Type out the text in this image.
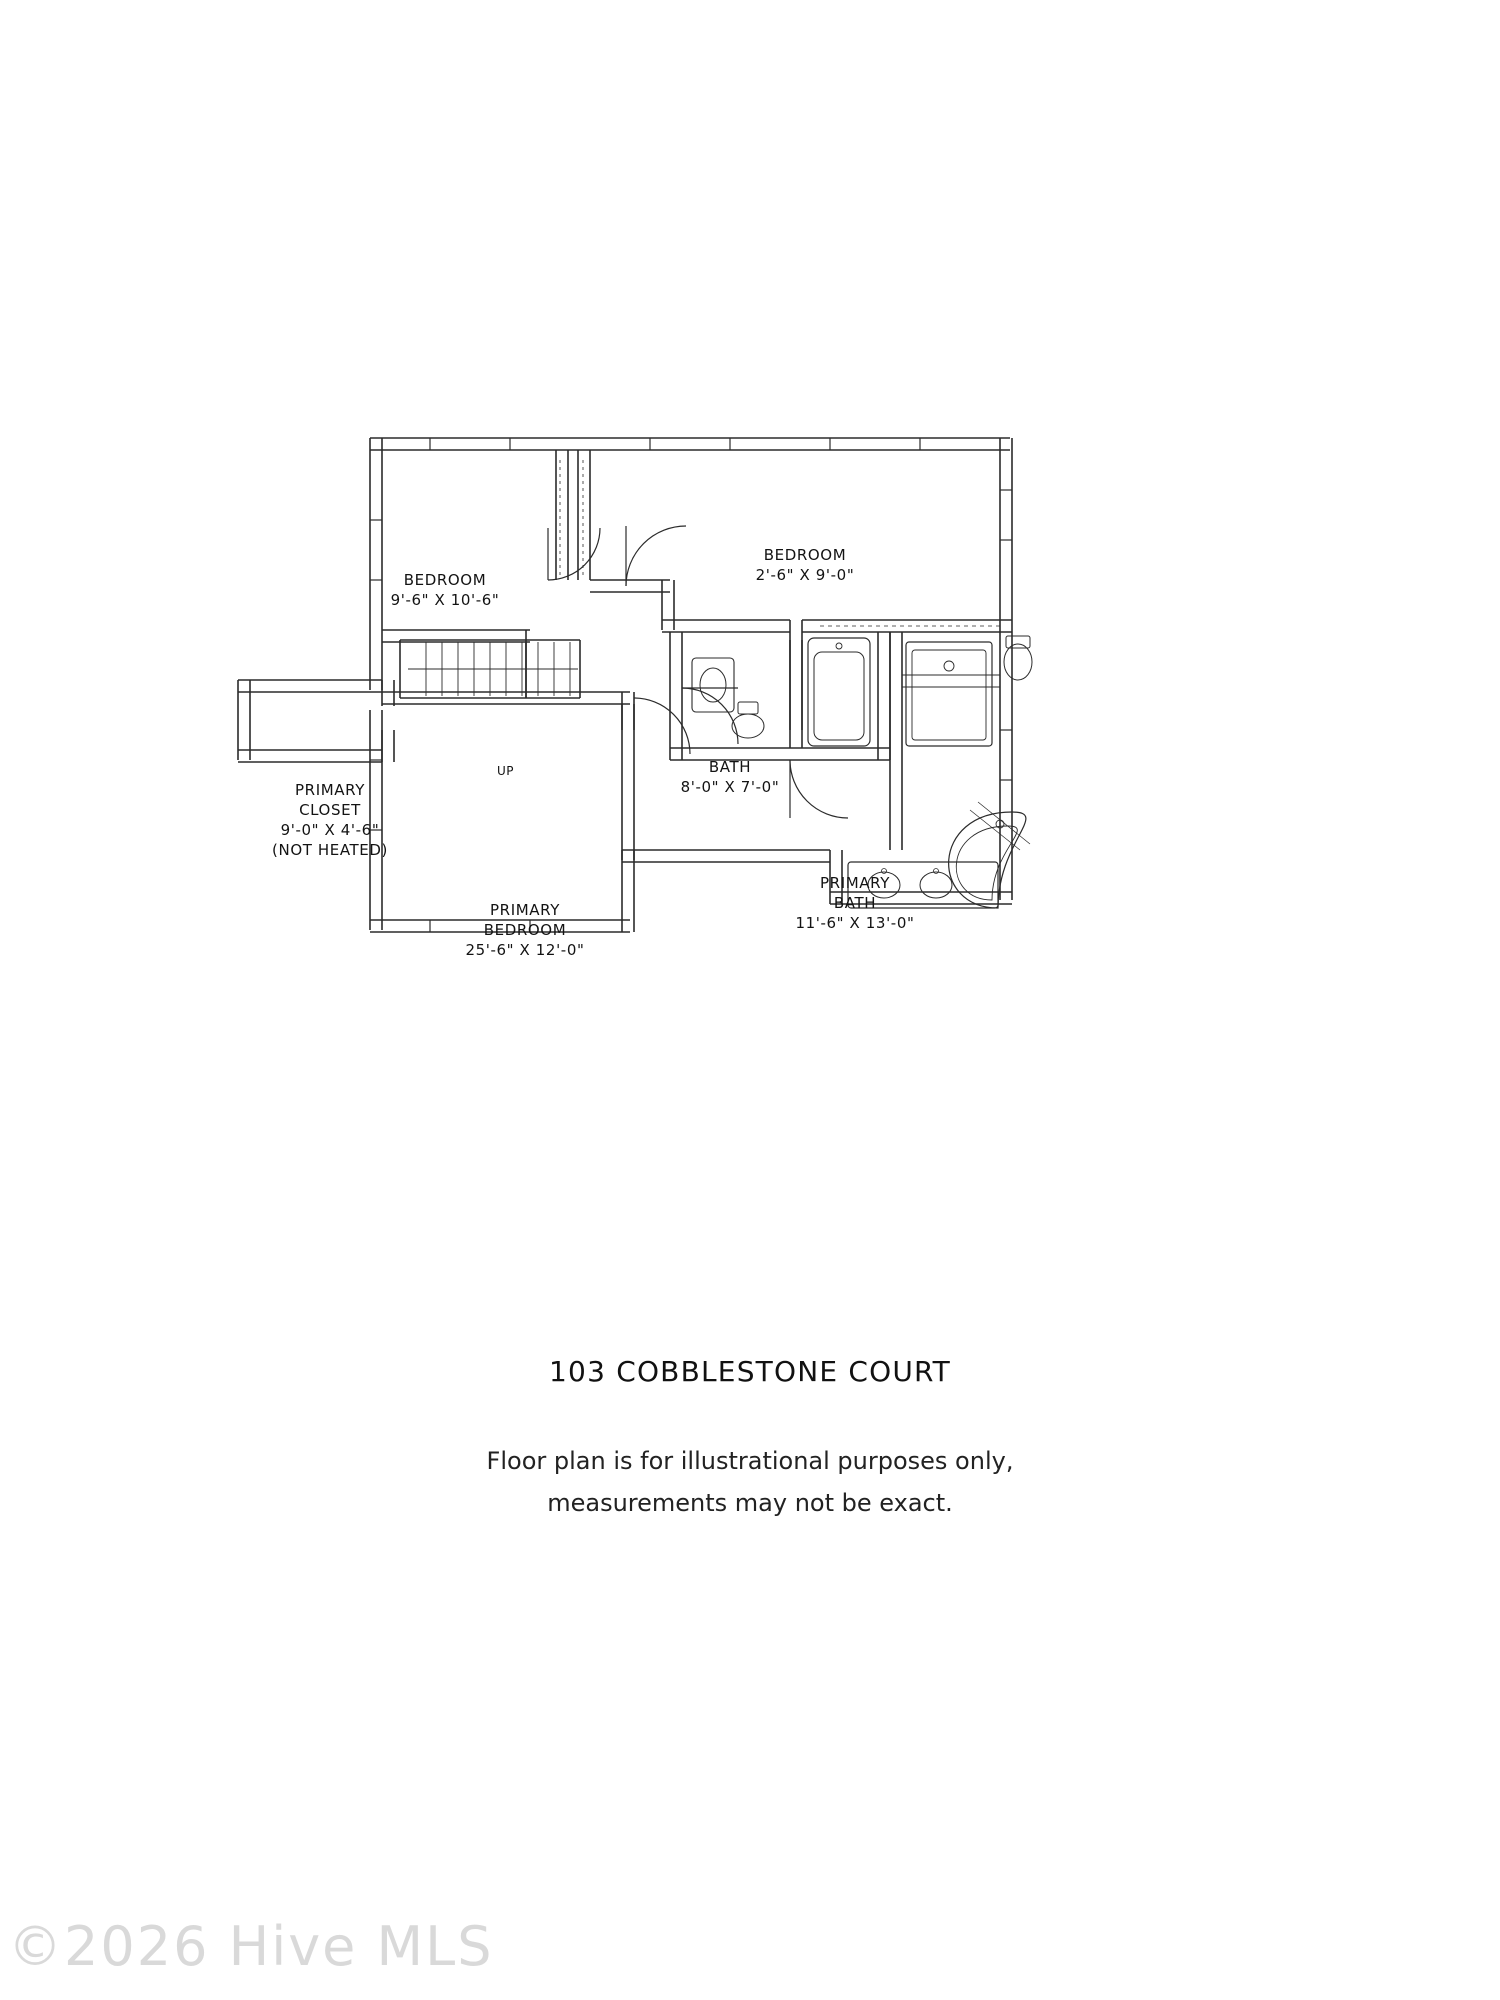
BEDROOM
9'-6" X 10'-6"
BEDROOM
2'-6" X 9'-0"
BATH
8'-0" X 7'-0"
PRIMARY
BATH
11'-6" X 13'-0"
PRIMARY
BEDROOM
25'-6" X 12'-0"
PRIMARY
CLOSET
9'-0" X 4'-6"
(NOT HEATED)
UP
103 COBBLESTONE COURT
Floor plan is for illustrational purposes only,
measurements may not be exact.
©2026 Hive MLS
